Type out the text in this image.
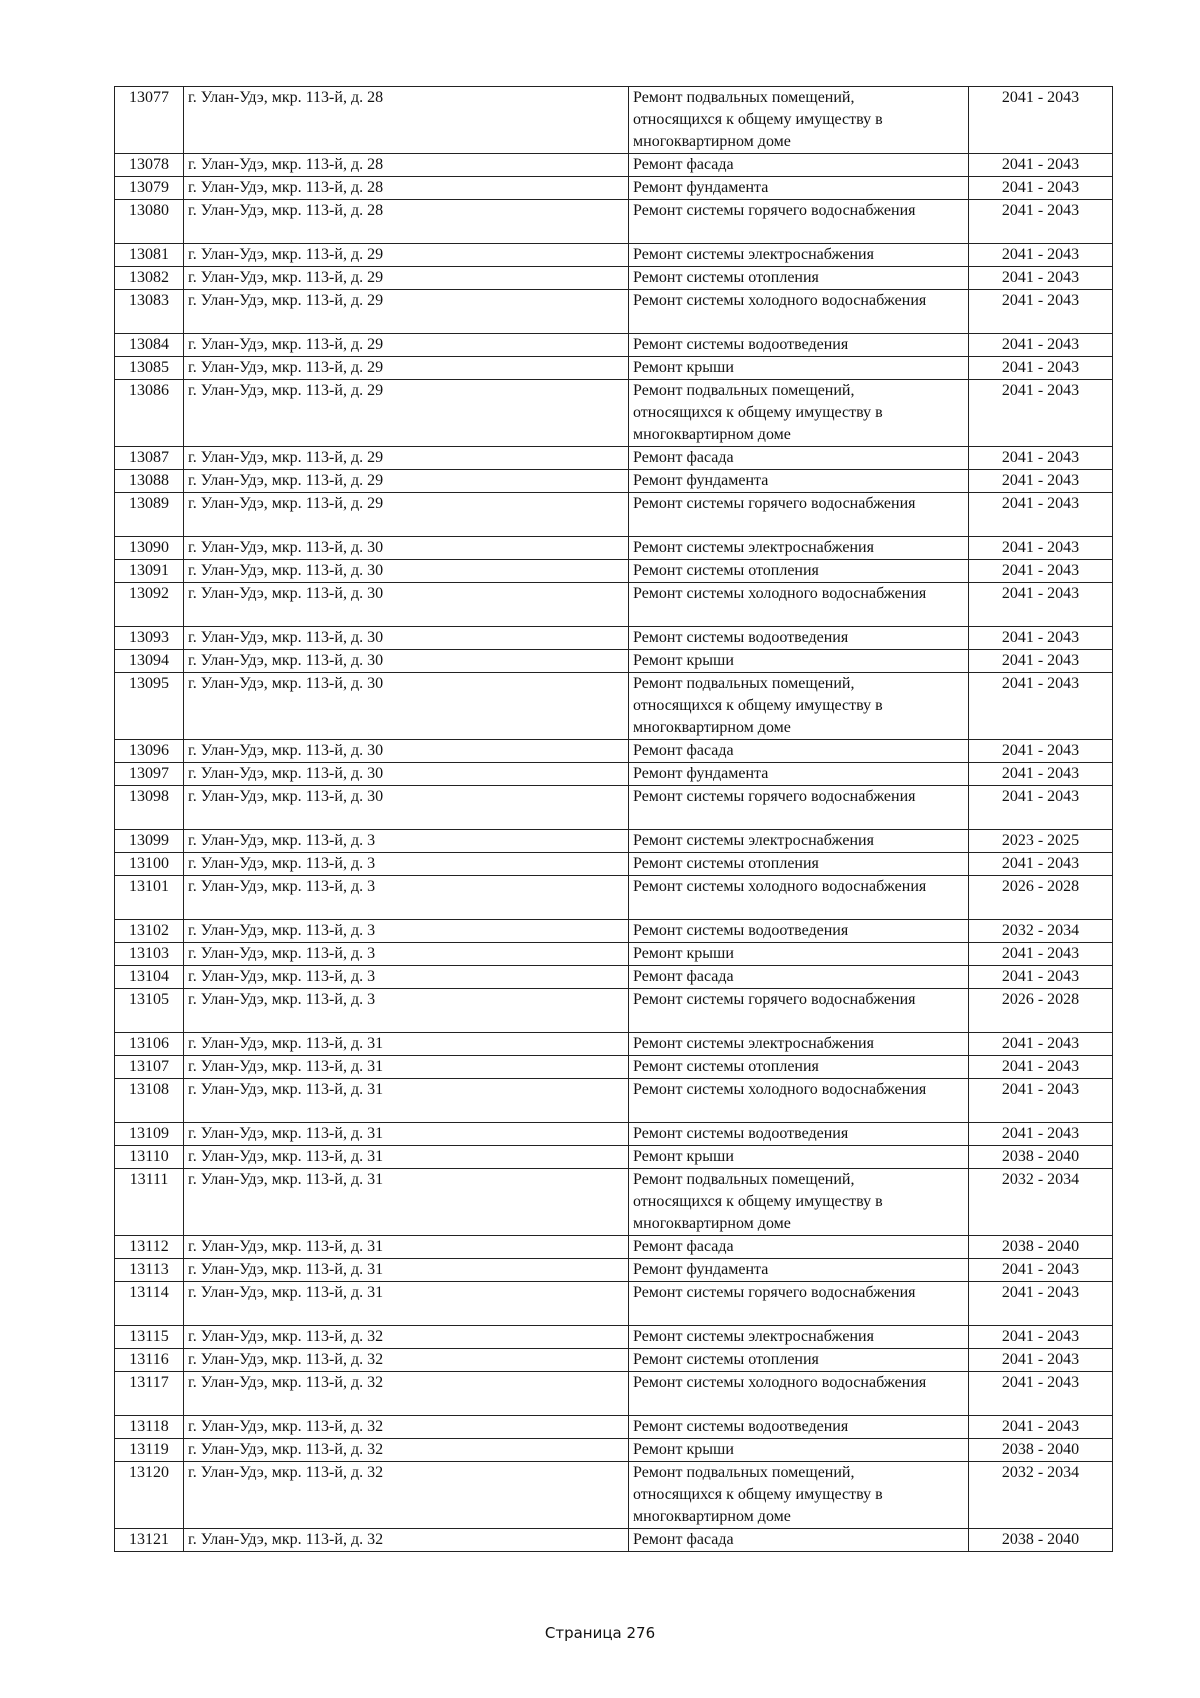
13077	г. Улан-Удэ, мкр. 113-й, д. 28	Ремонт подвальных помещений,
относящихся к общему имуществу в
многоквартирном доме	2041 - 2043
13078	г. Улан-Удэ, мкр. 113-й, д. 28	Ремонт фасада	2041 - 2043
13079	г. Улан-Удэ, мкр. 113-й, д. 28	Ремонт фундамента	2041 - 2043
13080	г. Улан-Удэ, мкр. 113-й, д. 28	Ремонт системы горячего водоснабжения	2041 - 2043
13081	г. Улан-Удэ, мкр. 113-й, д. 29	Ремонт системы электроснабжения	2041 - 2043
13082	г. Улан-Удэ, мкр. 113-й, д. 29	Ремонт системы отопления	2041 - 2043
13083	г. Улан-Удэ, мкр. 113-й, д. 29	Ремонт системы холодного водоснабжения	2041 - 2043
13084	г. Улан-Удэ, мкр. 113-й, д. 29	Ремонт системы водоотведения	2041 - 2043
13085	г. Улан-Удэ, мкр. 113-й, д. 29	Ремонт крыши	2041 - 2043
13086	г. Улан-Удэ, мкр. 113-й, д. 29	Ремонт подвальных помещений,
относящихся к общему имуществу в
многоквартирном доме	2041 - 2043
13087	г. Улан-Удэ, мкр. 113-й, д. 29	Ремонт фасада	2041 - 2043
13088	г. Улан-Удэ, мкр. 113-й, д. 29	Ремонт фундамента	2041 - 2043
13089	г. Улан-Удэ, мкр. 113-й, д. 29	Ремонт системы горячего водоснабжения	2041 - 2043
13090	г. Улан-Удэ, мкр. 113-й, д. 30	Ремонт системы электроснабжения	2041 - 2043
13091	г. Улан-Удэ, мкр. 113-й, д. 30	Ремонт системы отопления	2041 - 2043
13092	г. Улан-Удэ, мкр. 113-й, д. 30	Ремонт системы холодного водоснабжения	2041 - 2043
13093	г. Улан-Удэ, мкр. 113-й, д. 30	Ремонт системы водоотведения	2041 - 2043
13094	г. Улан-Удэ, мкр. 113-й, д. 30	Ремонт крыши	2041 - 2043
13095	г. Улан-Удэ, мкр. 113-й, д. 30	Ремонт подвальных помещений,
относящихся к общему имуществу в
многоквартирном доме	2041 - 2043
13096	г. Улан-Удэ, мкр. 113-й, д. 30	Ремонт фасада	2041 - 2043
13097	г. Улан-Удэ, мкр. 113-й, д. 30	Ремонт фундамента	2041 - 2043
13098	г. Улан-Удэ, мкр. 113-й, д. 30	Ремонт системы горячего водоснабжения	2041 - 2043
13099	г. Улан-Удэ, мкр. 113-й, д. 3	Ремонт системы электроснабжения	2023 - 2025
13100	г. Улан-Удэ, мкр. 113-й, д. 3	Ремонт системы отопления	2041 - 2043
13101	г. Улан-Удэ, мкр. 113-й, д. 3	Ремонт системы холодного водоснабжения	2026 - 2028
13102	г. Улан-Удэ, мкр. 113-й, д. 3	Ремонт системы водоотведения	2032 - 2034
13103	г. Улан-Удэ, мкр. 113-й, д. 3	Ремонт крыши	2041 - 2043
13104	г. Улан-Удэ, мкр. 113-й, д. 3	Ремонт фасада	2041 - 2043
13105	г. Улан-Удэ, мкр. 113-й, д. 3	Ремонт системы горячего водоснабжения	2026 - 2028
13106	г. Улан-Удэ, мкр. 113-й, д. 31	Ремонт системы электроснабжения	2041 - 2043
13107	г. Улан-Удэ, мкр. 113-й, д. 31	Ремонт системы отопления	2041 - 2043
13108	г. Улан-Удэ, мкр. 113-й, д. 31	Ремонт системы холодного водоснабжения	2041 - 2043
13109	г. Улан-Удэ, мкр. 113-й, д. 31	Ремонт системы водоотведения	2041 - 2043
13110	г. Улан-Удэ, мкр. 113-й, д. 31	Ремонт крыши	2038 - 2040
13111	г. Улан-Удэ, мкр. 113-й, д. 31	Ремонт подвальных помещений,
относящихся к общему имуществу в
многоквартирном доме	2032 - 2034
13112	г. Улан-Удэ, мкр. 113-й, д. 31	Ремонт фасада	2038 - 2040
13113	г. Улан-Удэ, мкр. 113-й, д. 31	Ремонт фундамента	2041 - 2043
13114	г. Улан-Удэ, мкр. 113-й, д. 31	Ремонт системы горячего водоснабжения	2041 - 2043
13115	г. Улан-Удэ, мкр. 113-й, д. 32	Ремонт системы электроснабжения	2041 - 2043
13116	г. Улан-Удэ, мкр. 113-й, д. 32	Ремонт системы отопления	2041 - 2043
13117	г. Улан-Удэ, мкр. 113-й, д. 32	Ремонт системы холодного водоснабжения	2041 - 2043
13118	г. Улан-Удэ, мкр. 113-й, д. 32	Ремонт системы водоотведения	2041 - 2043
13119	г. Улан-Удэ, мкр. 113-й, д. 32	Ремонт крыши	2038 - 2040
13120	г. Улан-Удэ, мкр. 113-й, д. 32	Ремонт подвальных помещений,
относящихся к общему имуществу в
многоквартирном доме	2032 - 2034
13121	г. Улан-Удэ, мкр. 113-й, д. 32	Ремонт фасада	2038 - 2040
Страница 276
